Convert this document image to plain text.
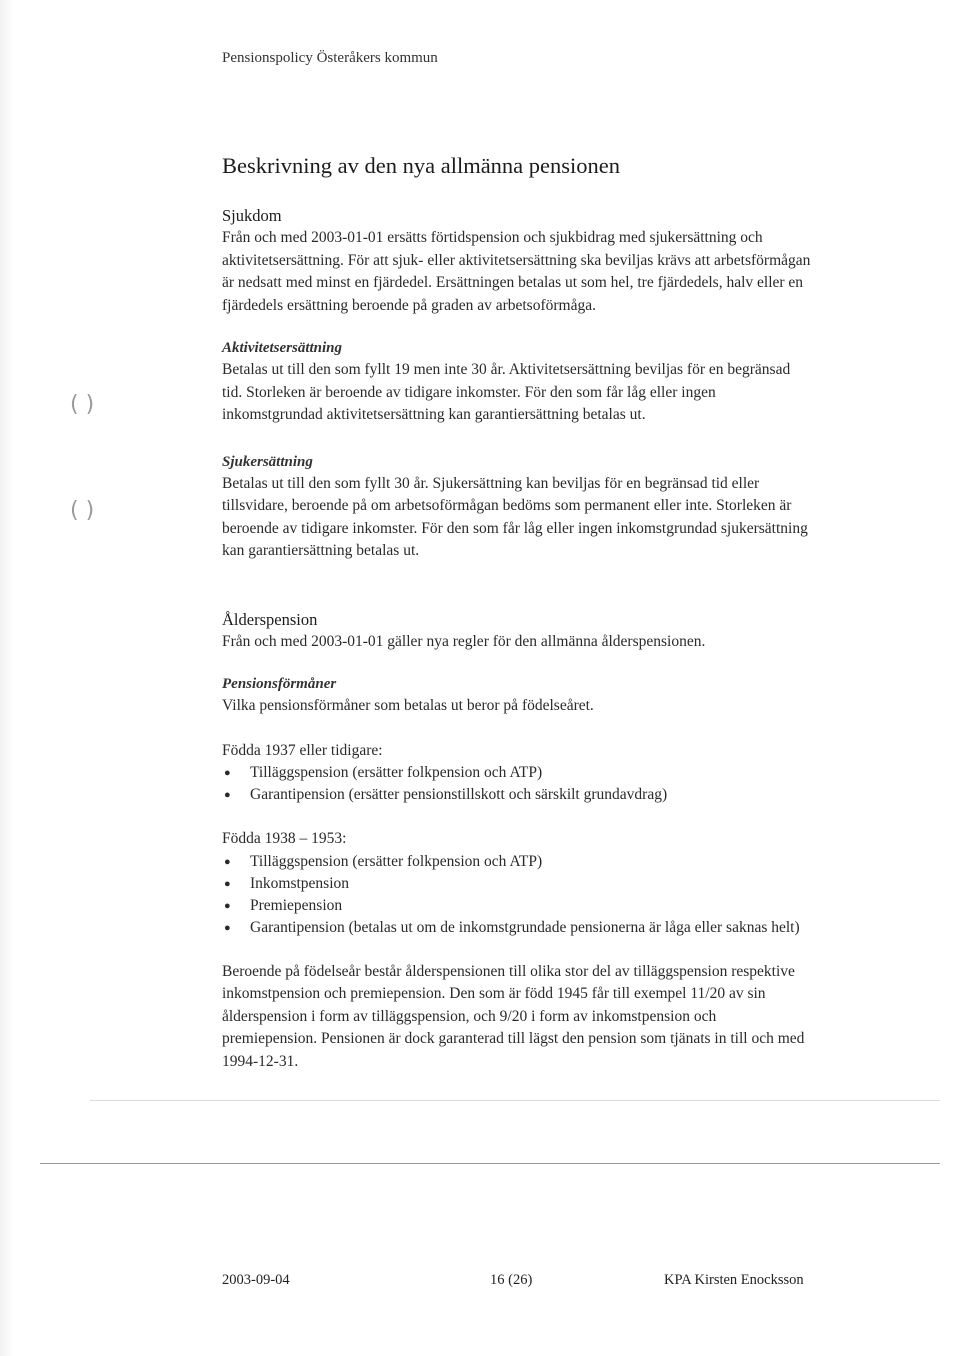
Pensionspolicy Österåkers kommun
( )
( )
Beskrivning av den nya allmänna pensionen
Sjukdom

Från och med 2003-01-01 ersätts förtidspension och sjukbidrag med sjukersättning och aktivitetsersättning. För att sjuk- eller aktivitetsersättning ska beviljas krävs att arbetsförmågan är nedsatt med minst en fjärdedel. Ersättningen betalas ut som hel, tre fjärdedels, halv eller en fjärdedels ersättning beroende på graden av arbetsoförmåga.

Aktivitetsersättning

Betalas ut till den som fyllt 19 men inte 30 år. Aktivitetsersättning beviljas för en begränsad tid. Storleken är beroende av tidigare inkomster. För den som får låg eller ingen inkomstgrundad aktivitetsersättning kan garantiersättning betalas ut.

Sjukersättning

Betalas ut till den som fyllt 30 år. Sjukersättning kan beviljas för en begränsad tid eller tillsvidare, beroende på om arbetsoförmågan bedöms som permanent eller inte. Storleken är beroende av tidigare inkomster. För den som får låg eller ingen inkomstgrundad sjukersättning kan garantiersättning betalas ut.

Ålderspension

Från och med 2003-01-01 gäller nya regler för den allmänna ålderspensionen.

Pensionsförmåner

Vilka pensionsförmåner som betalas ut beror på födelseåret.

Födda 1937 eller tidigare:

● Tilläggspension (ersätter folkpension och ATP)
● Garantipension (ersätter pensionstillskott och särskilt grundavdrag)

Födda 1938 – 1953:

● Tilläggspension (ersätter folkpension och ATP)
● Inkomstpension
● Premiepension
● Garantipension (betalas ut om de inkomstgrundade pensionerna är låga eller saknas helt)

Beroende på födelseår består ålderspensionen till olika stor del av tilläggspension respektive inkomstpension och premiepension. Den som är född 1945 får till exempel 11/20 av sin ålderspension i form av tilläggspension, och 9/20 i form av inkomstpension och premiepension. Pensionen är dock garanterad till lägst den pension som tjänats in till och med 1994-12-31.

2003-09-04	16 (26)	KPA Kirsten Enocksson
